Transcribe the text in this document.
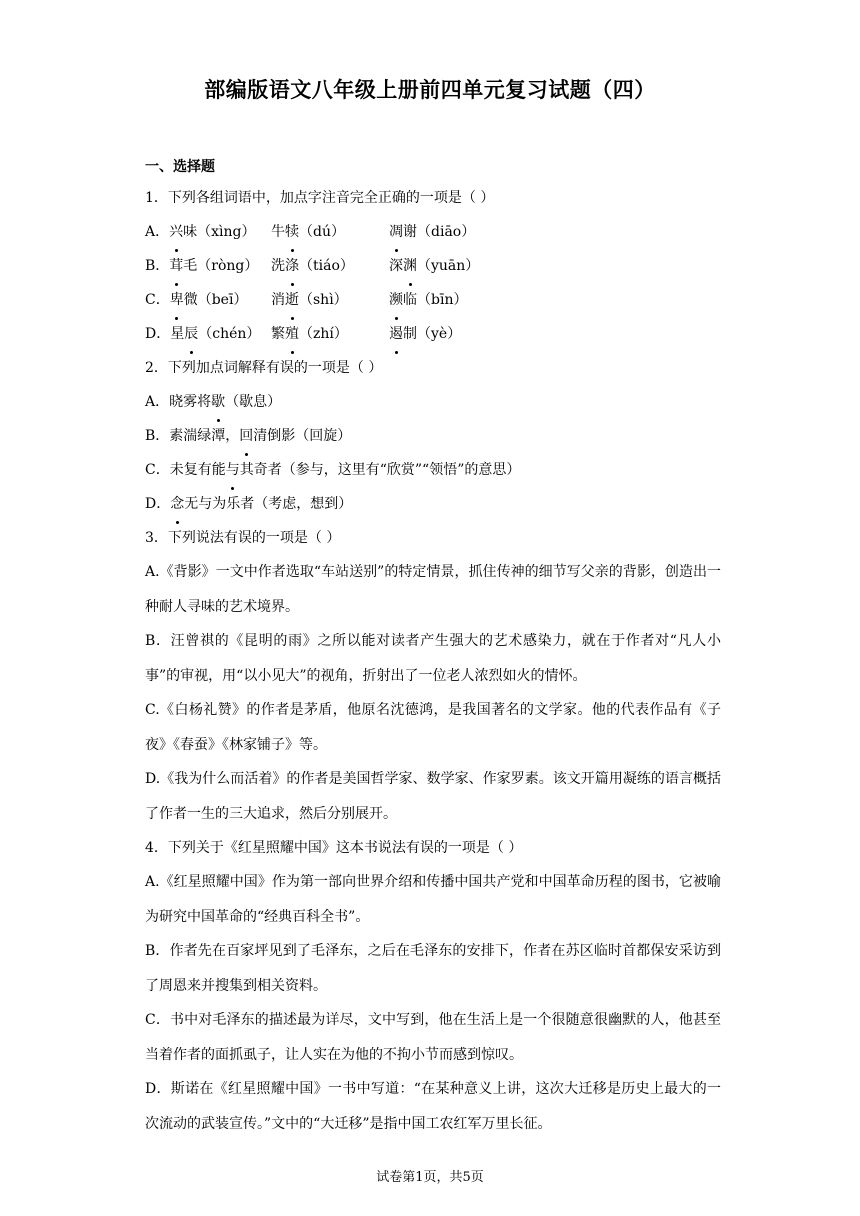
部编版语文八年级上册前四单元复习试题（四）
一、选择题
1．下列各组词语中，加点字注音完全正确的一项是（ ）
A．兴味（xìng） 牛犊（dú）	凋谢（diāo）
B．茸毛（ròng） 洗涤（tiáo）	深渊（yuān）
C．卑微（beī） 消逝（shì）	濒临（bīn）
D．星辰（chén） 繁殖（zhí）	遏制（yè）
2．下列加点词解释有误的一项是（ ）
A．晓雾将歇（歇息）
B．素湍绿潭，回清倒影（回旋）
C．未复有能与其奇者（参与，这里有“欣赏”“领悟”的意思）
D．念无与为乐者（考虑，想到）
3．下列说法有误的一项是（ ）

A.《背影》一文中作者选取“车站送别”的特定情景，抓住传神的细节写父亲的背影，创造出一种耐人寻味的艺术境界。

B．汪曾祺的《昆明的雨》之所以能对读者产生强大的艺术感染力，就在于作者对“凡人小事”的审视，用“以小见大”的视角，折射出了一位老人浓烈如火的情怀。

C.《白杨礼赞》的作者是茅盾，他原名沈德鸿，是我国著名的文学家。他的代表作品有《子夜》《春蚕》《林家铺子》等。

D.《我为什么而活着》的作者是美国哲学家、数学家、作家罗素。该文开篇用凝练的语言概括了作者一生的三大追求，然后分别展开。

4．下列关于《红星照耀中国》这本书说法有误的一项是（ ）

A.《红星照耀中国》作为第一部向世界介绍和传播中国共产党和中国革命历程的图书，它被喻为研究中国革命的“经典百科全书”。

B．作者先在百家坪见到了毛泽东，之后在毛泽东的安排下，作者在苏区临时首都保安采访到了周恩来并搜集到相关资料。

C．书中对毛泽东的描述最为详尽，文中写到，他在生活上是一个很随意很幽默的人，他甚至当着作者的面抓虱子，让人实在为他的不拘小节而感到惊叹。

D．斯诺在《红星照耀中国》一书中写道：“在某种意义上讲，这次大迁移是历史上最大的一次流动的武装宣传。”文中的“大迁移”是指中国工农红军万里长征。

试卷第1页，共5页
